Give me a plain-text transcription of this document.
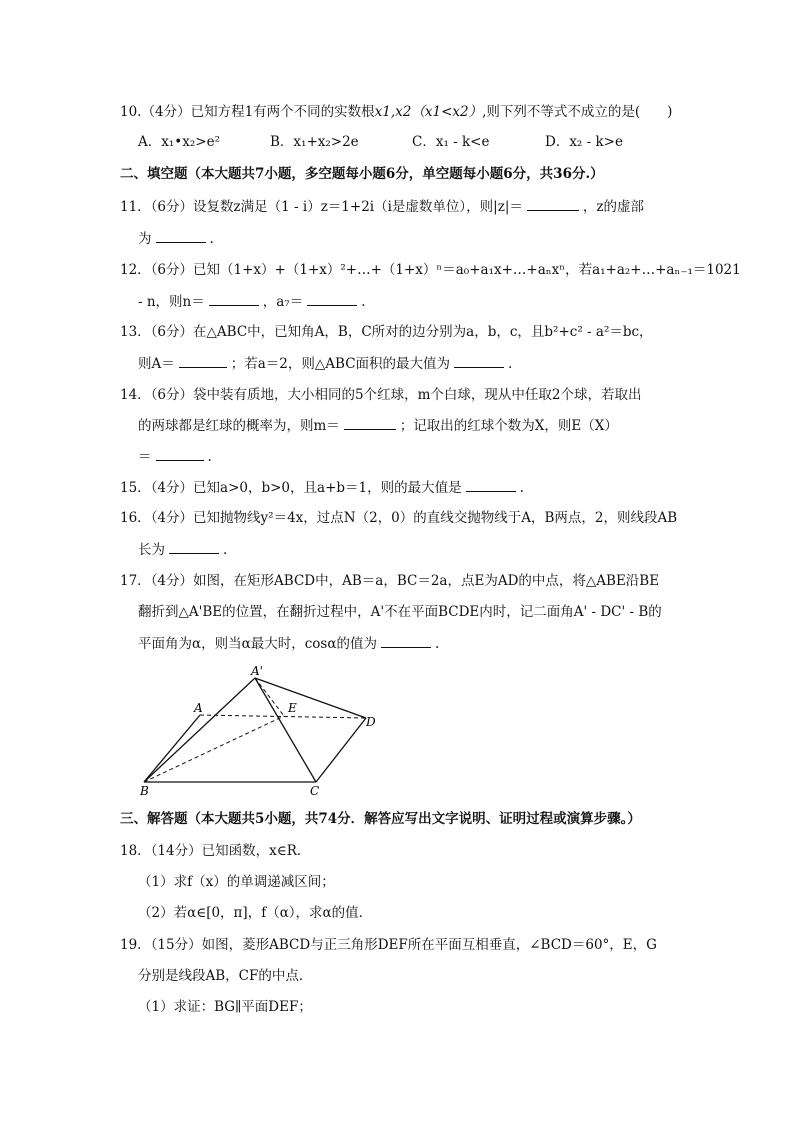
10.（4分）已知方程1有两个不同的实数根x1,x2（x1<x2）,则下列不等式不成立的是(　　)
A．x₁•x₂>e²	B．x₁+x₂>2e	C．x₁ - k<e	D．x₂ - k>e
二、填空题（本大题共7小题，多空题每小题6分，单空题每小题6分，共36分.）
11．（6分）设复数z满足（1 - i）z＝1+2i（i是虚数单位），则|z|＝	，z的虚部
为	.
12．（6分）已知（1+x）+（1+x）²+…+（1+x）ⁿ＝a₀+a₁x+…+aₙxⁿ，若a₁+a₂+…+aₙ₋₁＝1021
- n，则n＝	，a₇＝	.
13．（6分）在△ABC中，已知角A，B，C所对的边分别为a，b，c，且b²+c² - a²＝bc，
则A＝	；若a＝2，则△ABC面积的最大值为	.
14．（6分）袋中装有质地，大小相同的5个红球，m个白球，现从中任取2个球，若取出
的两球都是红球的概率为，则m＝	；记取出的红球个数为X，则E（X）
＝	.
15．（4分）已知a>0，b>0，且a+b＝1，则的最大值是	.
16．（4分）已知抛物线y²＝4x，过点N（2，0）的直线交抛物线于A，B两点，2，则线段AB
长为	.
17．（4分）如图，在矩形ABCD中，AB＝a，BC＝2a，点E为AD的中点，将△ABE沿BE
翻折到△A'BE的位置，在翻折过程中，A'不在平面BCDE内时，记二面角A' - DC' - B的
平面角为α，则当α最大时，cosα的值为	.
A'
A	E
D
B	C
三、解答题（本大题共5小题，共74分．解答应写出文字说明、证明过程或演算步骤。）
18．（14分）已知函数，x∈R．
（1）求f（x）的单调递减区间；
（2）若α∈[0，π]，f（α），求α的值．
19．（15分）如图，菱形ABCD与正三角形DEF所在平面互相垂直，∠BCD＝60°，E，G
分别是线段AB，CF的中点．
（1）求证：BG∥平面DEF；
